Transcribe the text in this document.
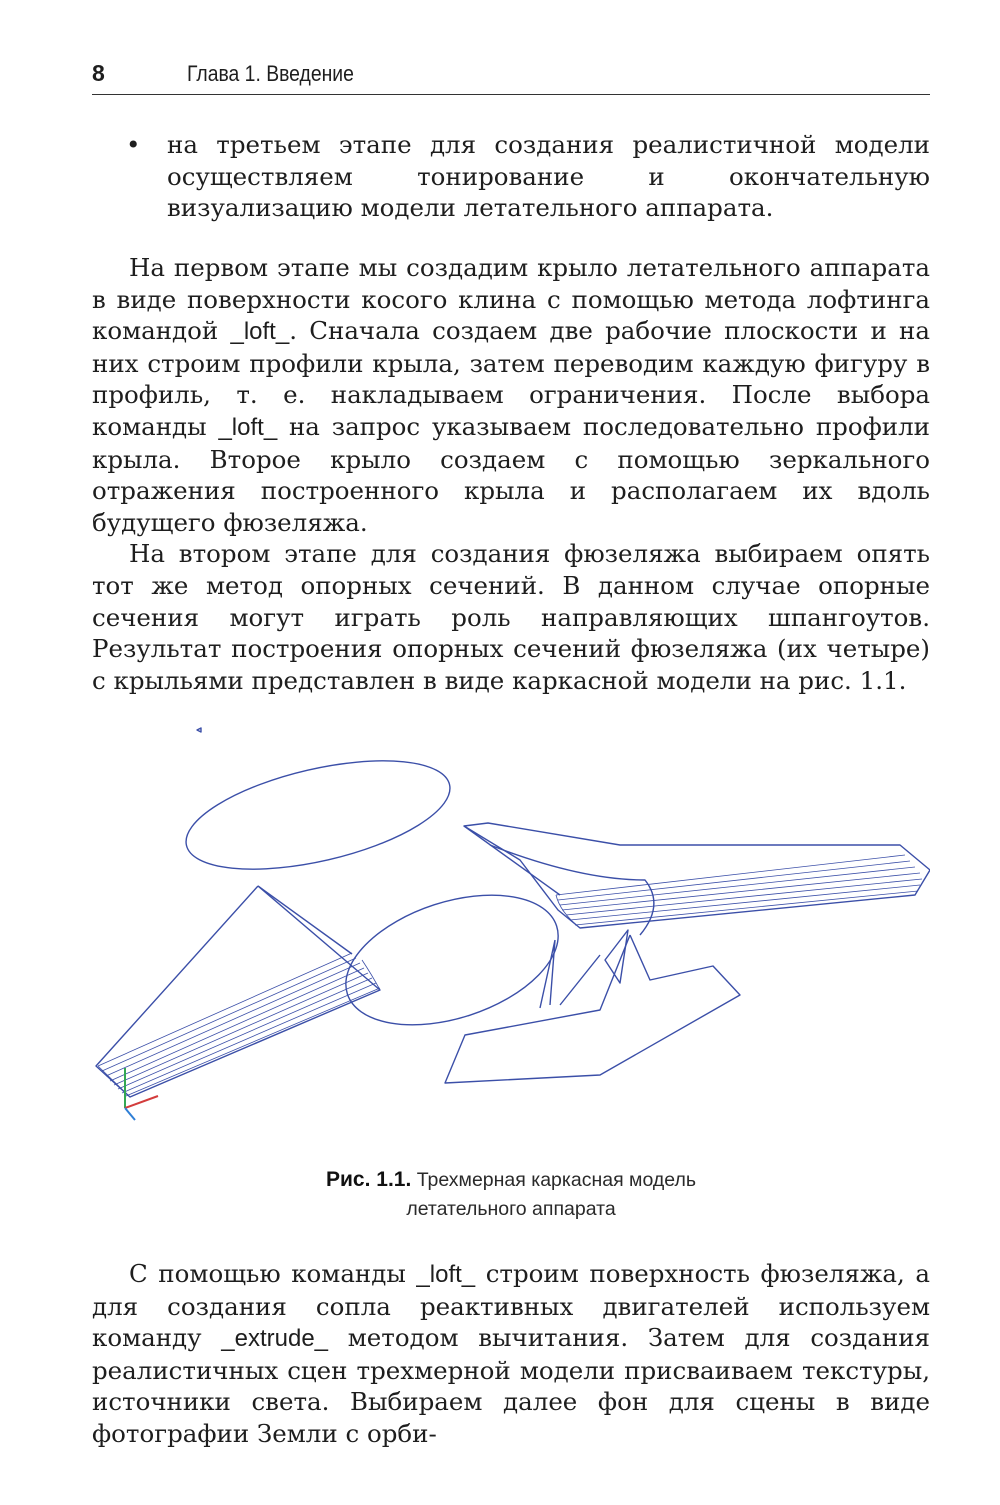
8	Глава 1. Введение
•	на третьем этапе для создания реалистичной модели осуществляем тонирование и окончательную визуализацию модели летательного аппарата.

На первом этапе мы создадим крыло летательного аппарата в виде поверхности косого клина с помощью метода лофтинга командой _loft_. Сначала создаем две рабочие плоскости и на них строим профили крыла, затем переводим каждую фигуру в профиль, т. е. накладываем ограничения. После выбора команды _loft_ на запрос указываем последовательно профили крыла. Второе крыло создаем с помощью зеркального отражения построенного крыла и располагаем их вдоль будущего фюзеляжа.

На втором этапе для создания фюзеляжа выбираем опять тот же метод опорных сечений. В данном случае опорные сечения могут играть роль направляющих шпангоутов. Результат построения опорных сечений фюзеляжа (их четыре) с крыльями представлен в виде каркасной модели на рис. 1.1.

Рис. 1.1. Трехмерная каркасная модель
летательного аппарата

С помощью команды _loft_ строим поверхность фюзеляжа, а для создания сопла реактивных двигателей используем команду _extrude_ методом вычитания. Затем для создания реалистичных сцен трехмерной модели присваиваем текстуры, источники света. Выбираем далее фон для сцены в виде фотографии Земли с орби-
